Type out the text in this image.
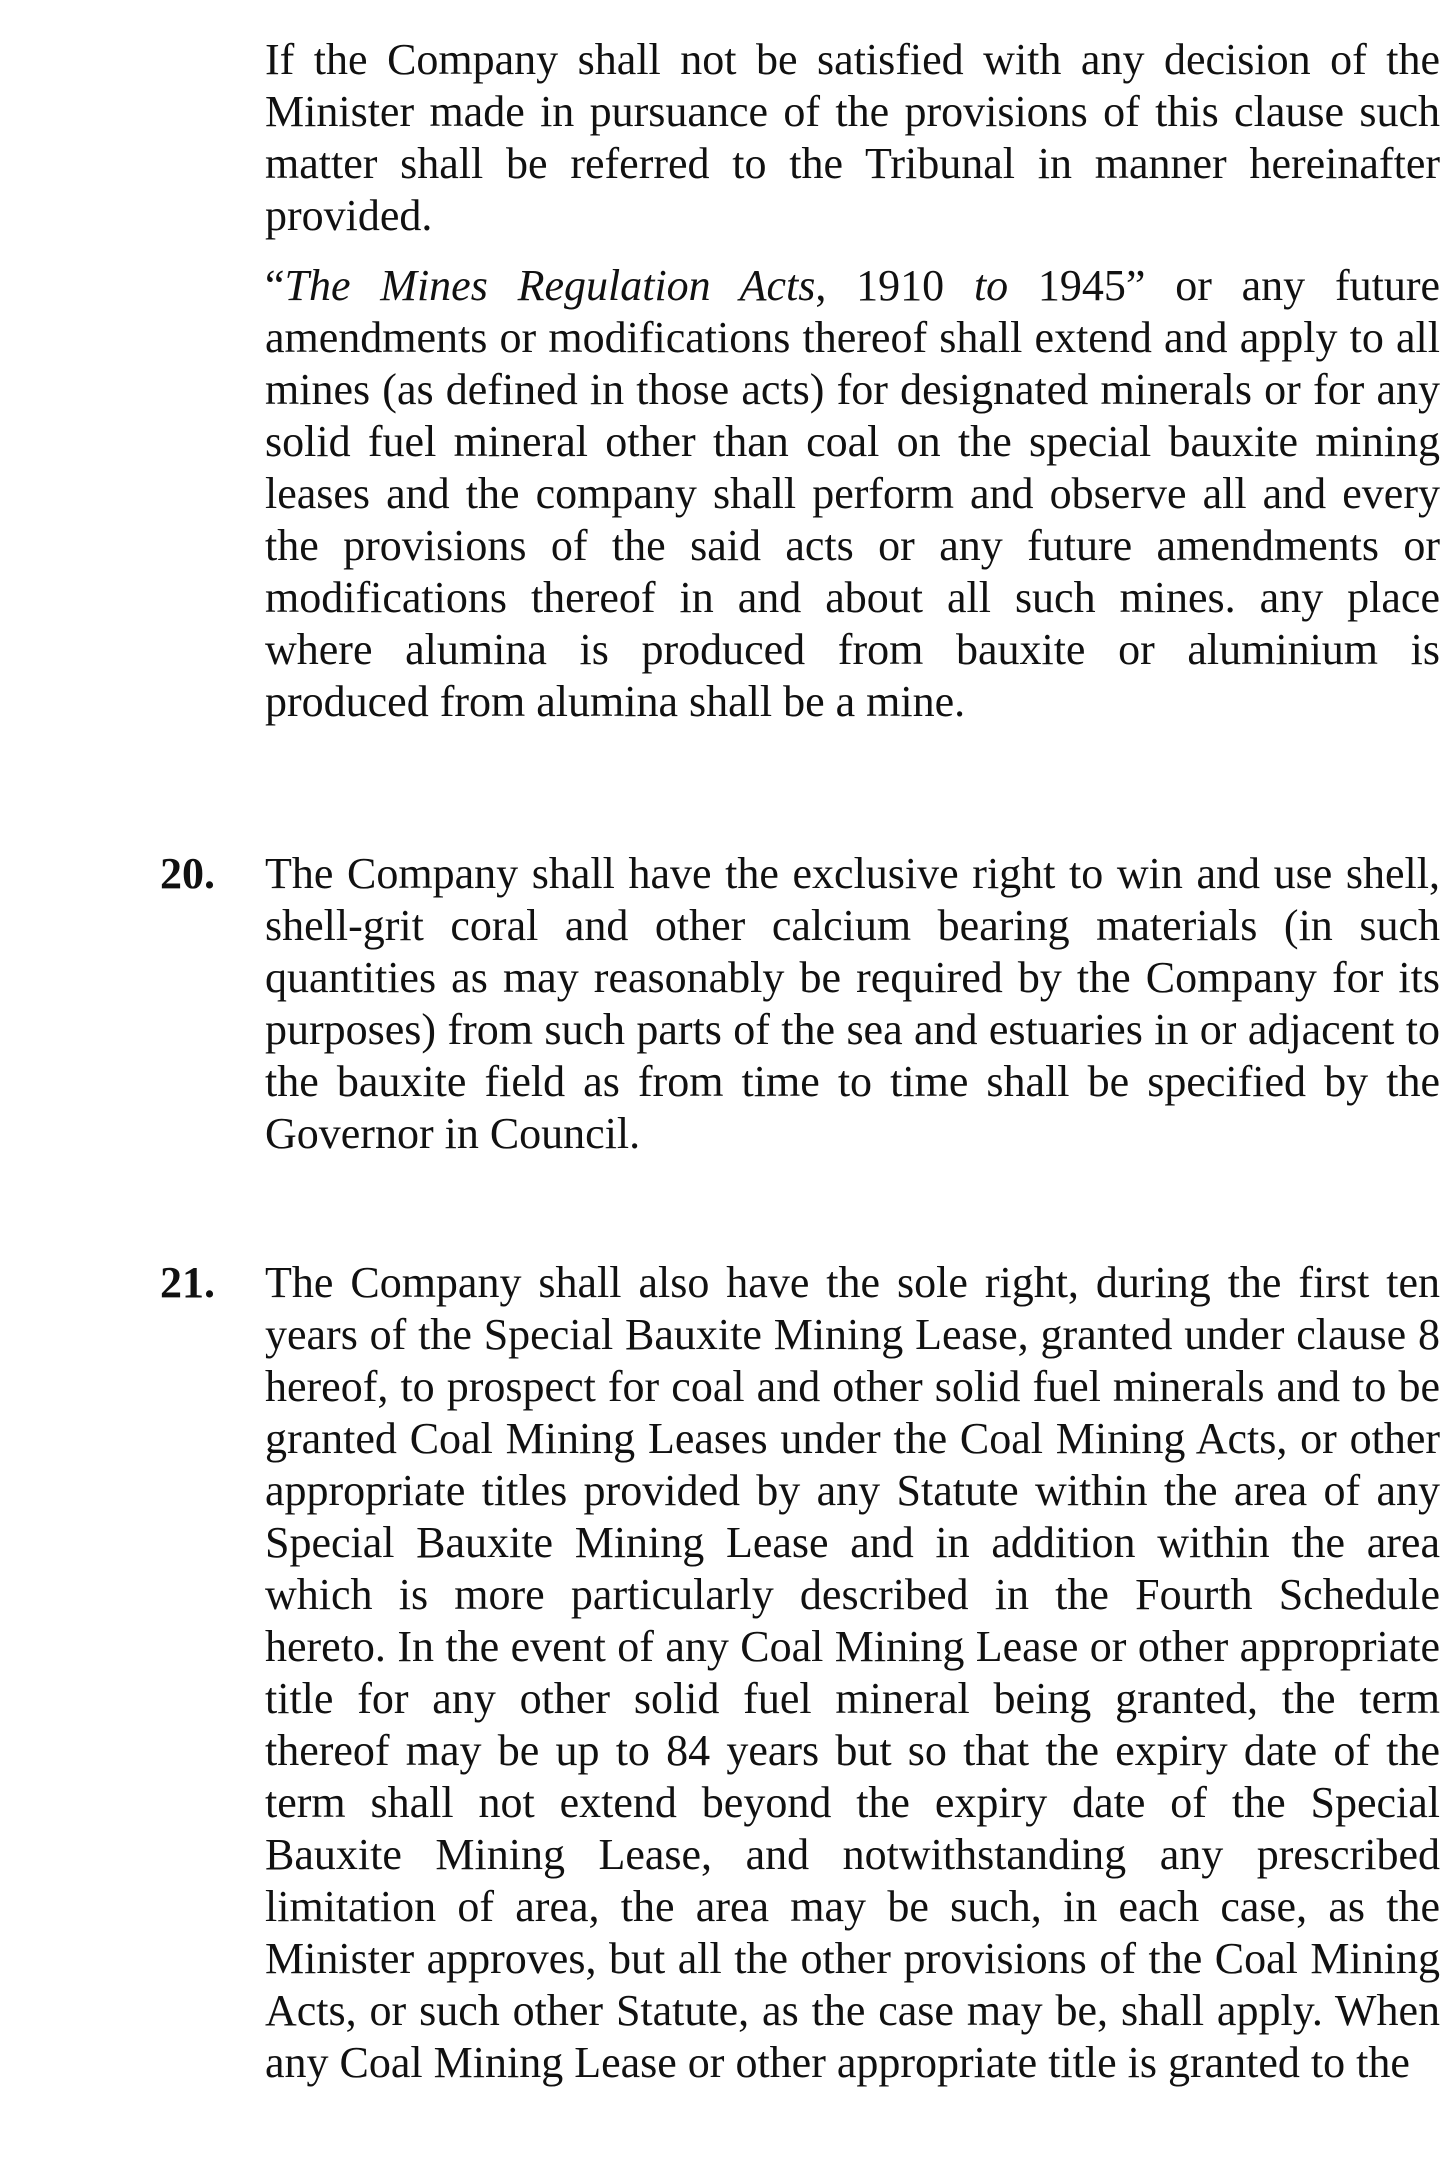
If the Company shall not be satisfied with any decision of the Minister made in pursuance of the provisions of this clause such matter shall be referred to the Tribunal in manner hereinafter provided.

“The Mines Regulation Acts, 1910 to 1945” or any future amendments or modifications thereof shall extend and apply to all mines (as defined in those acts) for designated minerals or for any solid fuel mineral other than coal on the special bauxite mining leases and the company shall perform and observe all and every the provisions of the said acts or any future amendments or modifications thereof in and about all such mines. any place where alumina is produced from bauxite or aluminium is produced from alumina shall be a mine.

20. The Company shall have the exclusive right to win and use shell, shell-grit coral and other calcium bearing materials (in such quantities as may reasonably be required by the Company for its purposes) from such parts of the sea and estuaries in or adjacent to the bauxite field as from time to time shall be specified by the Governor in Council.

21. The Company shall also have the sole right, during the first ten years of the Special Bauxite Mining Lease, granted under clause 8 hereof, to prospect for coal and other solid fuel minerals and to be granted Coal Mining Leases under the Coal Mining Acts, or other appropriate titles provided by any Statute within the area of any Special Bauxite Mining Lease and in addition within the area which is more particularly described in the Fourth Schedule hereto. In the event of any Coal Mining Lease or other appropriate title for any other solid fuel mineral being granted, the term thereof may be up to 84 years but so that the expiry date of the term shall not extend beyond the expiry date of the Special Bauxite Mining Lease, and notwithstanding any prescribed limitation of area, the area may be such, in each case, as the Minister approves, but all the other provisions of the Coal Mining Acts, or such other Statute, as the case may be, shall apply. When any Coal Mining Lease or other appropriate title is granted to the
